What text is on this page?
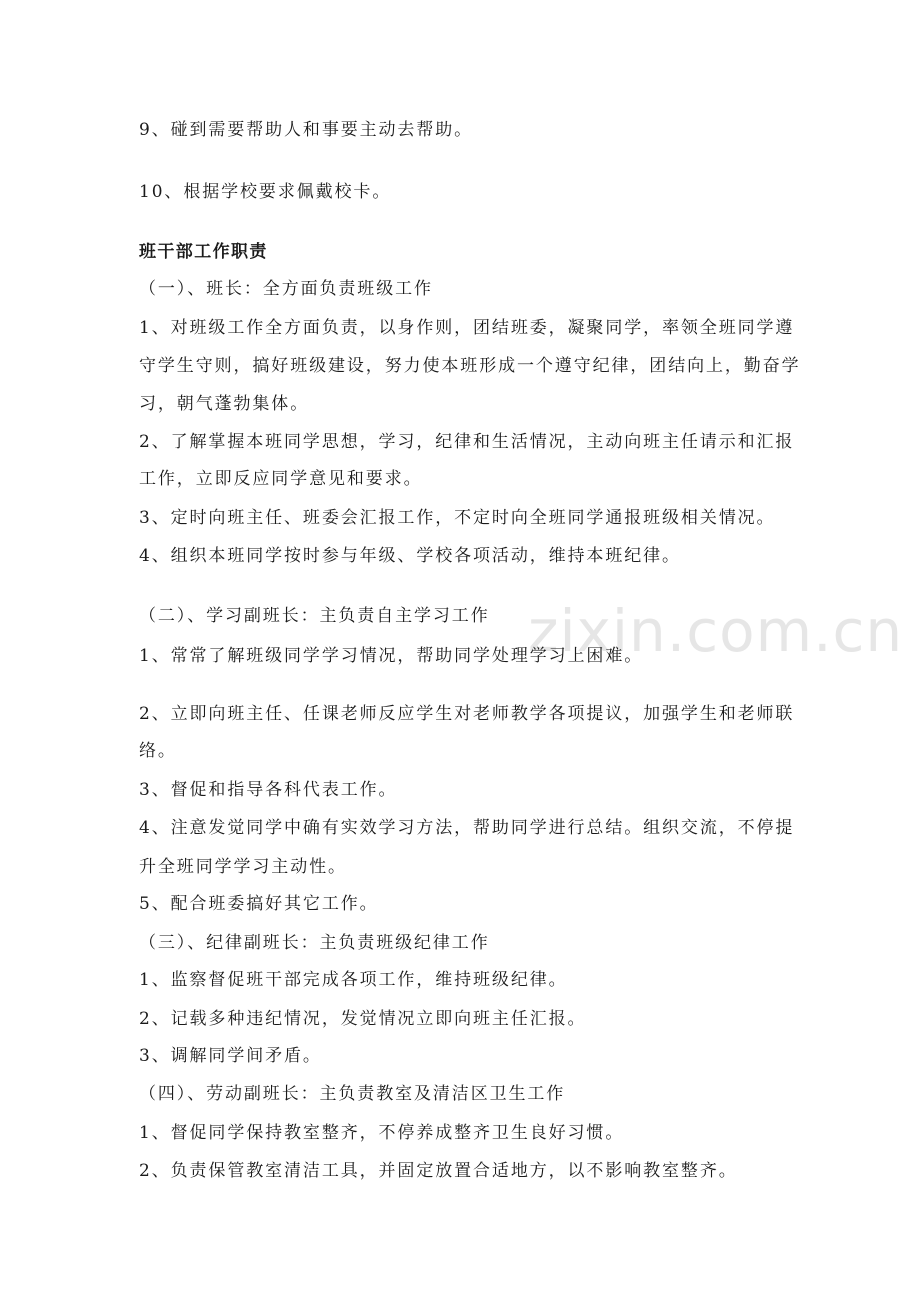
zixin.com.cn
9、碰到需要帮助人和事要主动去帮助。
10、根据学校要求佩戴校卡。
班干部工作职责
（一）、班长：全方面负责班级工作
1、对班级工作全方面负责，以身作则，团结班委，凝聚同学，率领全班同学遵
守学生守则，搞好班级建设，努力使本班形成一个遵守纪律，团结向上，勤奋学
习，朝气蓬勃集体。
2、了解掌握本班同学思想，学习，纪律和生活情况，主动向班主任请示和汇报
工作，立即反应同学意见和要求。
3、定时向班主任、班委会汇报工作，不定时向全班同学通报班级相关情况。
4、组织本班同学按时参与年级、学校各项活动，维持本班纪律。
（二）、学习副班长：主负责自主学习工作
1、常常了解班级同学学习情况，帮助同学处理学习上困难。
2、立即向班主任、任课老师反应学生对老师教学各项提议，加强学生和老师联
络。
3、督促和指导各科代表工作。
4、注意发觉同学中确有实效学习方法，帮助同学进行总结。组织交流，不停提
升全班同学学习主动性。
5、配合班委搞好其它工作。
（三）、纪律副班长：主负责班级纪律工作
1、监察督促班干部完成各项工作，维持班级纪律。
2、记载多种违纪情况，发觉情况立即向班主任汇报。
3、调解同学间矛盾。
（四）、劳动副班长：主负责教室及清洁区卫生工作
1、督促同学保持教室整齐，不停养成整齐卫生良好习惯。
2、负责保管教室清洁工具，并固定放置合适地方，以不影响教室整齐。
